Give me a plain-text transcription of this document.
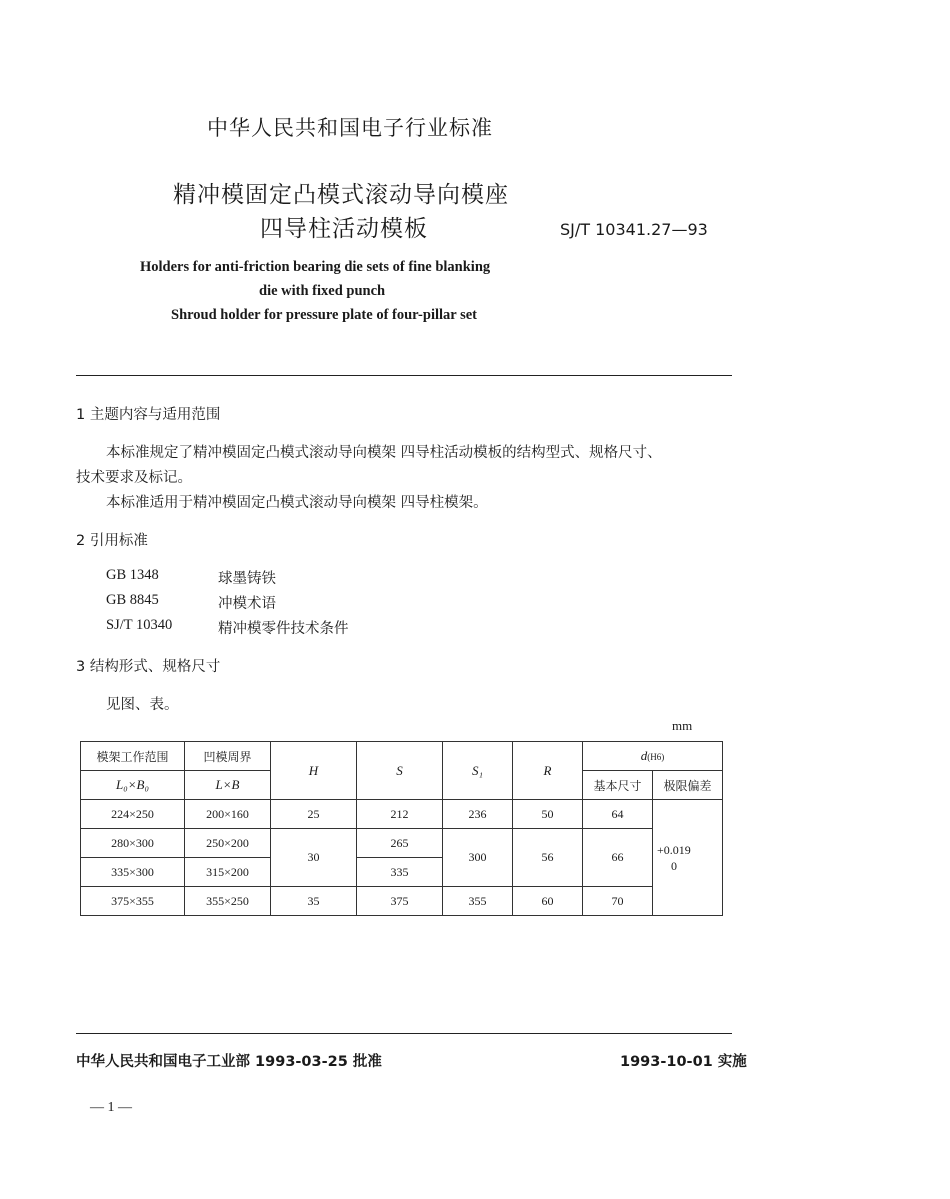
中华人民共和国电子行业标准
精冲模固定凸模式滚动导向模座
四导柱活动模板	SJ/T 10341.27—93
Holders for anti-friction bearing die sets of fine blanking
die with fixed punch
Shroud holder for pressure plate of four-pillar set
1 主题内容与适用范围
本标准规定了精冲模固定凸模式滚动导向模架 四导柱活动模板的结构型式、规格尺寸、
技术要求及标记。
本标准适用于精冲模固定凸模式滚动导向模架 四导柱模架。
2 引用标准
GB 1348	球墨铸铁
GB 8845	冲模术语
SJ/T 10340	精冲模零件技术条件
3 结构形式、规格尺寸
见图、表。
mm
模架工作范围	凹模周界	H	S	S₁	R	d(H6)	
L₀×B₀	L×B					基本尺寸	极限偏差
224×250	200×160	25	212	236	50	64	+0.019
0

280×300	250×200	30	265	300	56	66	
335×300	315×200		335				
375×355	355×250	35	375	355	60	70	
中华人民共和国电子工业部 1993-03-25 批准	1993-10-01 实施
— 1 —
